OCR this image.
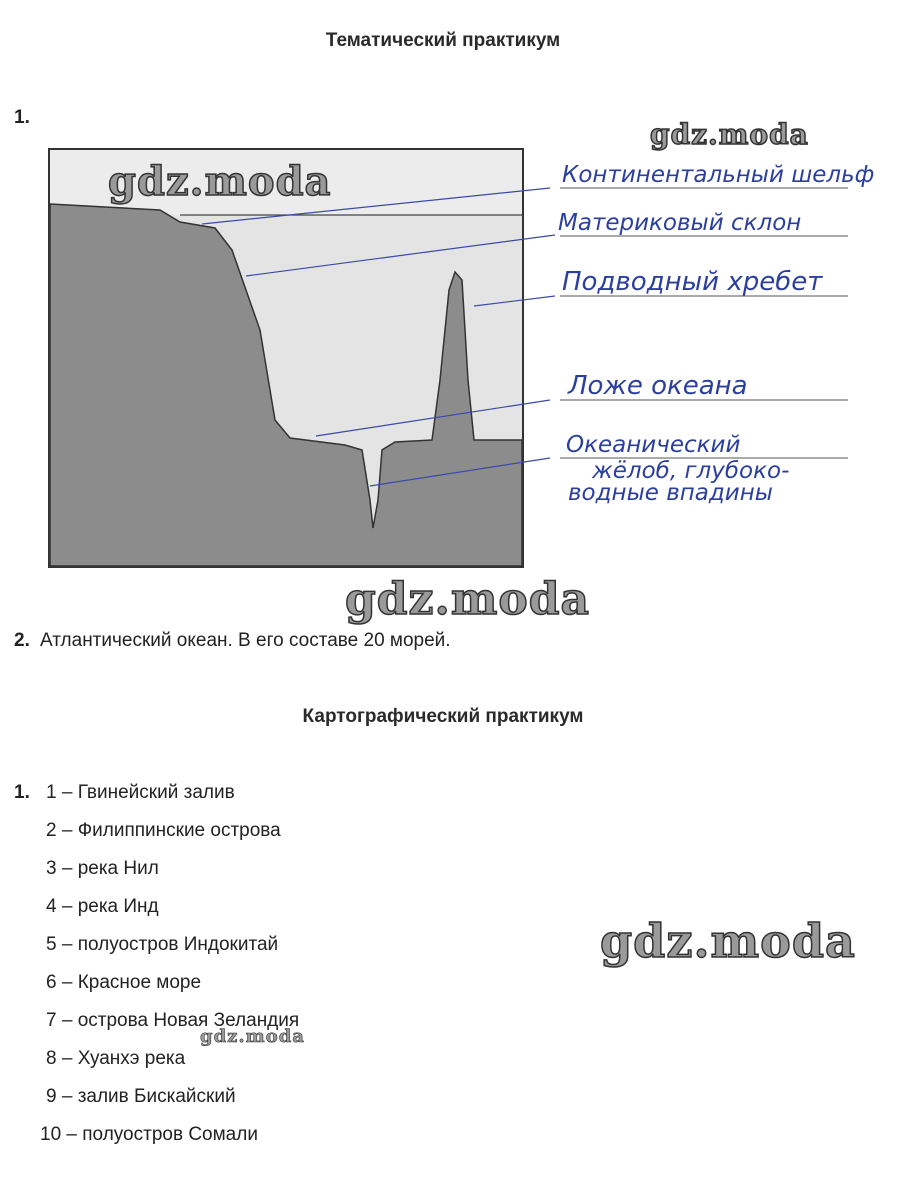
Тематический практикум
1.
Континентальный шельф
Материковый склон
Подводный хребет
Ложе океана
Океанический
жёлоб, глубоко-
водные впадины
gdz.moda
gdz.moda
gdz.moda
2. Атлантический океан. В его составе 20 морей.
Картографический практикум
1. 1 – Гвинейский залив
2 – Филиппинские острова
3 – река Нил
4 – река Инд
5 – полуостров Индокитай
6 – Красное море
7 – острова Новая Зеландия
8 – Хуанхэ река
9 – залив Бискайский
10 – полуостров Сомали
gdz.moda
gdz.moda
